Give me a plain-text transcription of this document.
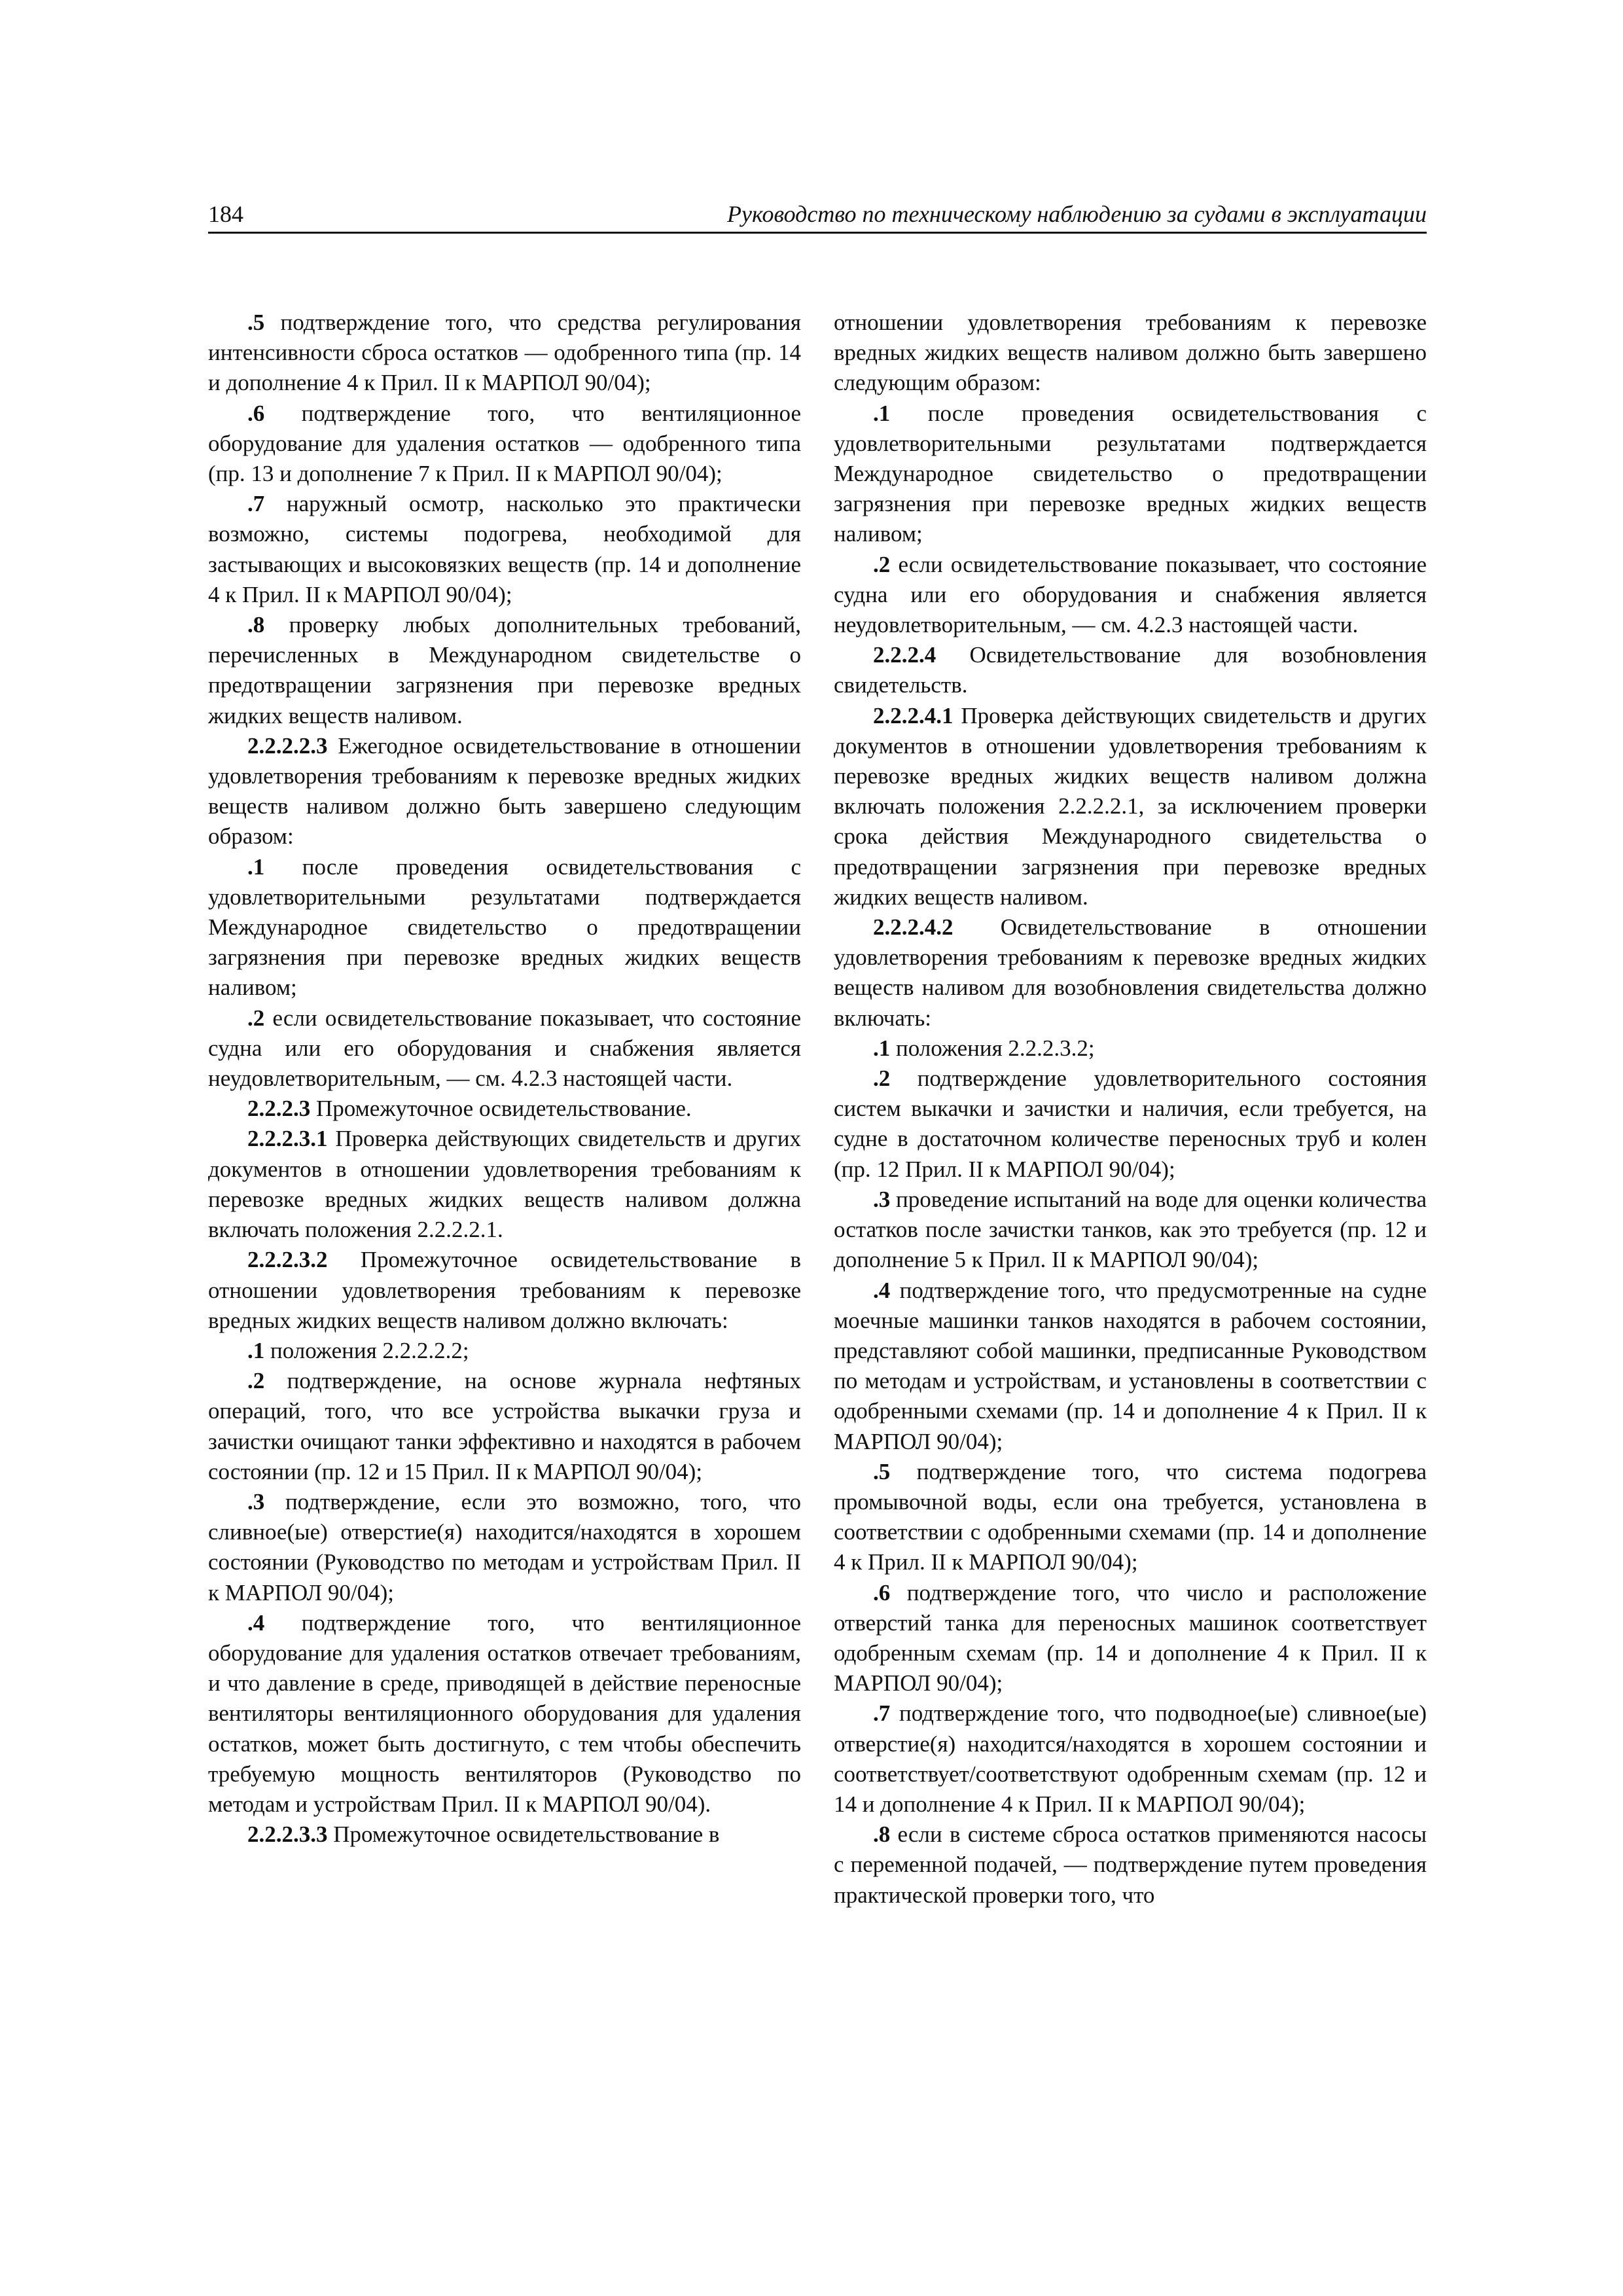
184	Руководство по техническому наблюдению за судами в эксплуатации

.5 подтверждение того, что средства регулирования интенсивности сброса остатков — одобренного типа (пр. 14 и дополнение 4 к Прил. II к МАРПОЛ 90/04);

.6 подтверждение того, что вентиляционное оборудование для удаления остатков — одобренного типа (пр. 13 и дополнение 7 к Прил. II к МАРПОЛ 90/04);

.7 наружный осмотр, насколько это практически возможно, системы подогрева, необходимой для застывающих и высоковязких веществ (пр. 14 и дополнение 4 к Прил. II к МАРПОЛ 90/04);

.8 проверку любых дополнительных требований, перечисленных в Международном свидетельстве о предотвращении загрязнения при перевозке вредных жидких веществ наливом.

2.2.2.2.3 Ежегодное освидетельствование в отношении удовлетворения требованиям к перевозке вредных жидких веществ наливом должно быть завершено следующим образом:

.1 после проведения освидетельствования с удовлетворительными результатами подтверждается Международное свидетельство о предотвращении загрязнения при перевозке вредных жидких веществ наливом;

.2 если освидетельствование показывает, что состояние судна или его оборудования и снабжения является неудовлетворительным, — см. 4.2.3 настоящей части.

2.2.2.3 Промежуточное освидетельствование.

2.2.2.3.1 Проверка действующих свидетельств и других документов в отношении удовлетворения требованиям к перевозке вредных жидких веществ наливом должна включать положения 2.2.2.2.1.

2.2.2.3.2 Промежуточное освидетельствование в отношении удовлетворения требованиям к перевозке вредных жидких веществ наливом должно включать:

.1 положения 2.2.2.2.2;

.2 подтверждение, на основе журнала нефтяных операций, того, что все устройства выкачки груза и зачистки очищают танки эффективно и находятся в рабочем состоянии (пр. 12 и 15 Прил. II к МАРПОЛ 90/04);

.3 подтверждение, если это возможно, того, что сливное(ые) отверстие(я) находится/находятся в хорошем состоянии (Руководство по методам и устройствам Прил. II к МАРПОЛ 90/04);

.4 подтверждение того, что вентиляционное оборудование для удаления остатков отвечает требованиям, и что давление в среде, приводящей в действие переносные вентиляторы вентиляционного оборудования для удаления остатков, может быть достигнуто, с тем чтобы обеспечить требуемую мощность вентиляторов (Руководство по методам и устройствам Прил. II к МАРПОЛ 90/04).

2.2.2.3.3 Промежуточное освидетельствование в

отношении удовлетворения требованиям к перевозке вредных жидких веществ наливом должно быть завершено следующим образом:

.1 после проведения освидетельствования с удовлетворительными результатами подтверждается Международное свидетельство о предотвращении загрязнения при перевозке вредных жидких веществ наливом;

.2 если освидетельствование показывает, что состояние судна или его оборудования и снабжения является неудовлетворительным, — см. 4.2.3 настоящей части.

2.2.2.4 Освидетельствование для возобновления свидетельств.

2.2.2.4.1 Проверка действующих свидетельств и других документов в отношении удовлетворения требованиям к перевозке вредных жидких веществ наливом должна включать положения 2.2.2.2.1, за исключением проверки срока действия Международного свидетельства о предотвращении загрязнения при перевозке вредных жидких веществ наливом.

2.2.2.4.2 Освидетельствование в отношении удовлетворения требованиям к перевозке вредных жидких веществ наливом для возобновления свидетельства должно включать:

.1 положения 2.2.2.3.2;

.2 подтверждение удовлетворительного состояния систем выкачки и зачистки и наличия, если требуется, на судне в достаточном количестве переносных труб и колен (пр. 12 Прил. II к МАРПОЛ 90/04);

.3 проведение испытаний на воде для оценки количества остатков после зачистки танков, как это требуется (пр. 12 и дополнение 5 к Прил. II к МАРПОЛ 90/04);

.4 подтверждение того, что предусмотренные на судне моечные машинки танков находятся в рабочем состоянии, представляют собой машинки, предписанные Руководством по методам и устройствам, и установлены в соответствии с одобренными схемами (пр. 14 и дополнение 4 к Прил. II к МАРПОЛ 90/04);

.5 подтверждение того, что система подогрева промывочной воды, если она требуется, установлена в соответствии с одобренными схемами (пр. 14 и дополнение 4 к Прил. II к МАРПОЛ 90/04);

.6 подтверждение того, что число и расположение отверстий танка для переносных машинок соответствует одобренным схемам (пр. 14 и дополнение 4 к Прил. II к МАРПОЛ 90/04);

.7 подтверждение того, что подводное(ые) сливное(ые) отверстие(я) находится/находятся в хорошем состоянии и соответствует/соответствуют одобренным схемам (пр. 12 и 14 и дополнение 4 к Прил. II к МАРПОЛ 90/04);

.8 если в системе сброса остатков применяются насосы с переменной подачей, — подтверждение путем проведения практической проверки того, что
